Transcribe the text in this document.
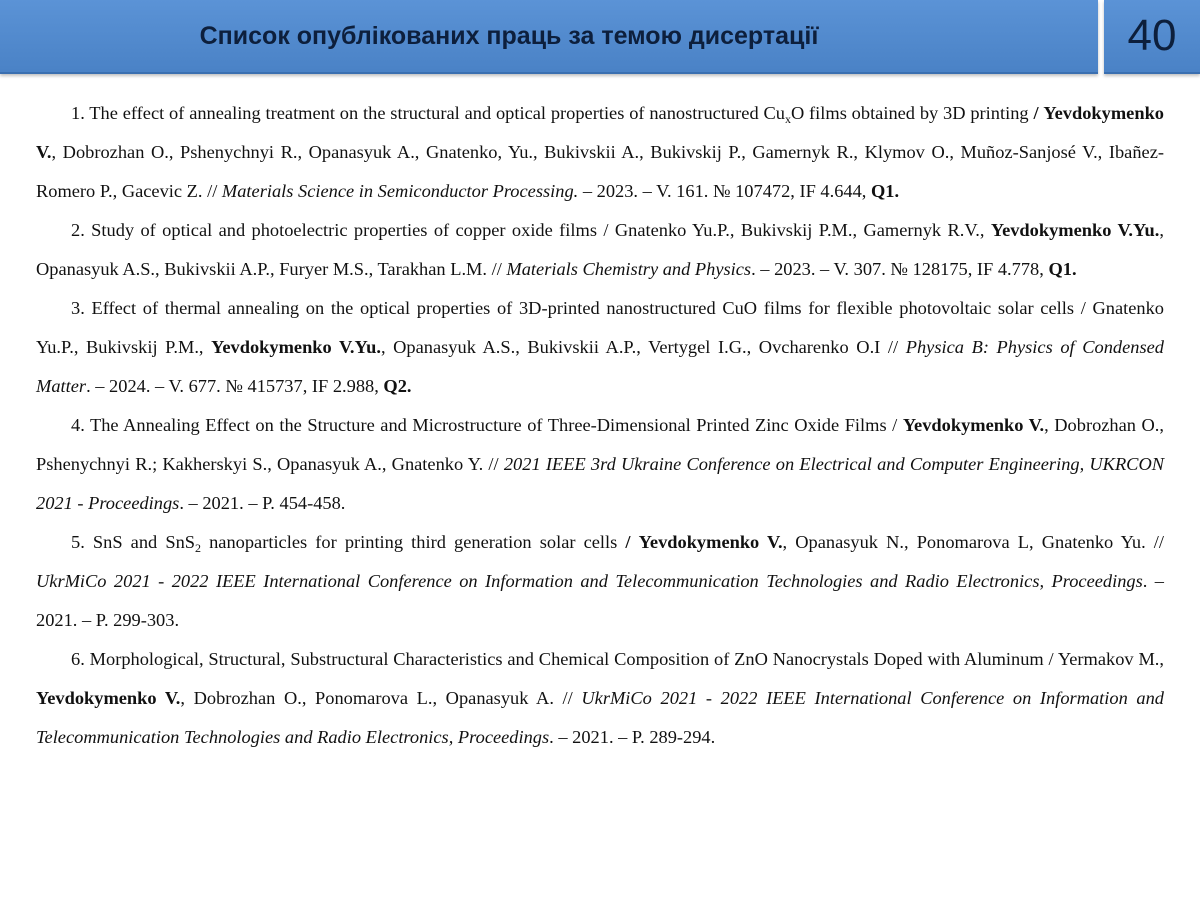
Список опублікованих праць за темою дисертації	40

1. The effect of annealing treatment on the structural and optical properties of nanostructured $Cu_xO$ films obtained by 3D printing / Yevdokymenko V., Dobrozhan O., Pshenychnyi R., Opanasyuk A., Gnatenko, Yu., Bukivskii A., Bukivskij P., Gamernyk R., Klymov O., Muñoz-Sanjosé V., Ibañez-Romero P., Gacevic Z. // Materials Science in Semiconductor Processing. – 2023. – V. 161. № 107472, IF 4.644, Q1.

2. Study of optical and photoelectric properties of copper oxide films / Gnatenko Yu.P., Bukivskij P.M., Gamernyk R.V., Yevdokymenko V.Yu., Opanasyuk A.S., Bukivskii A.P., Furyer M.S., Tarakhan L.M. // Materials Chemistry and Physics. – 2023. – V. 307. № 128175, IF 4.778, Q1.

3. Effect of thermal annealing on the optical properties of 3D-printed nanostructured CuO films for flexible photovoltaic solar cells / Gnatenko Yu.P., Bukivskij P.M., Yevdokymenko V.Yu., Opanasyuk A.S., Bukivskii A.P., Vertygel I.G., Ovcharenko O.I // Physica B: Physics of Condensed Matter. – 2024. – V. 677. № 415737, IF 2.988, Q2.

4. The Annealing Effect on the Structure and Microstructure of Three-Dimensional Printed Zinc Oxide Films / Yevdokymenko V., Dobrozhan O., Pshenychnyi R.; Kakherskyi S., Opanasyuk A., Gnatenko Y. // 2021 IEEE 3rd Ukraine Conference on Electrical and Computer Engineering, UKRCON 2021 - Proceedings. – 2021. – P. 454-458.

5. SnS and SnS$_2$ nanoparticles for printing third generation solar cells / Yevdokymenko V., Opanasyuk N., Ponomarova L, Gnatenko Yu. // UkrMiCo 2021 - 2022 IEEE International Conference on Information and Telecommunication Technologies and Radio Electronics, Proceedings. – 2021. – P. 299-303.

6. Morphological, Structural, Substructural Characteristics and Chemical Composition of ZnO Nanocrystals Doped with Aluminum / Yermakov M., Yevdokymenko V., Dobrozhan O., Ponomarova L., Opanasyuk A. // UkrMiCo 2021 - 2022 IEEE International Conference on Information and Telecommunication Technologies and Radio Electronics, Proceedings. – 2021. – P. 289-294.
